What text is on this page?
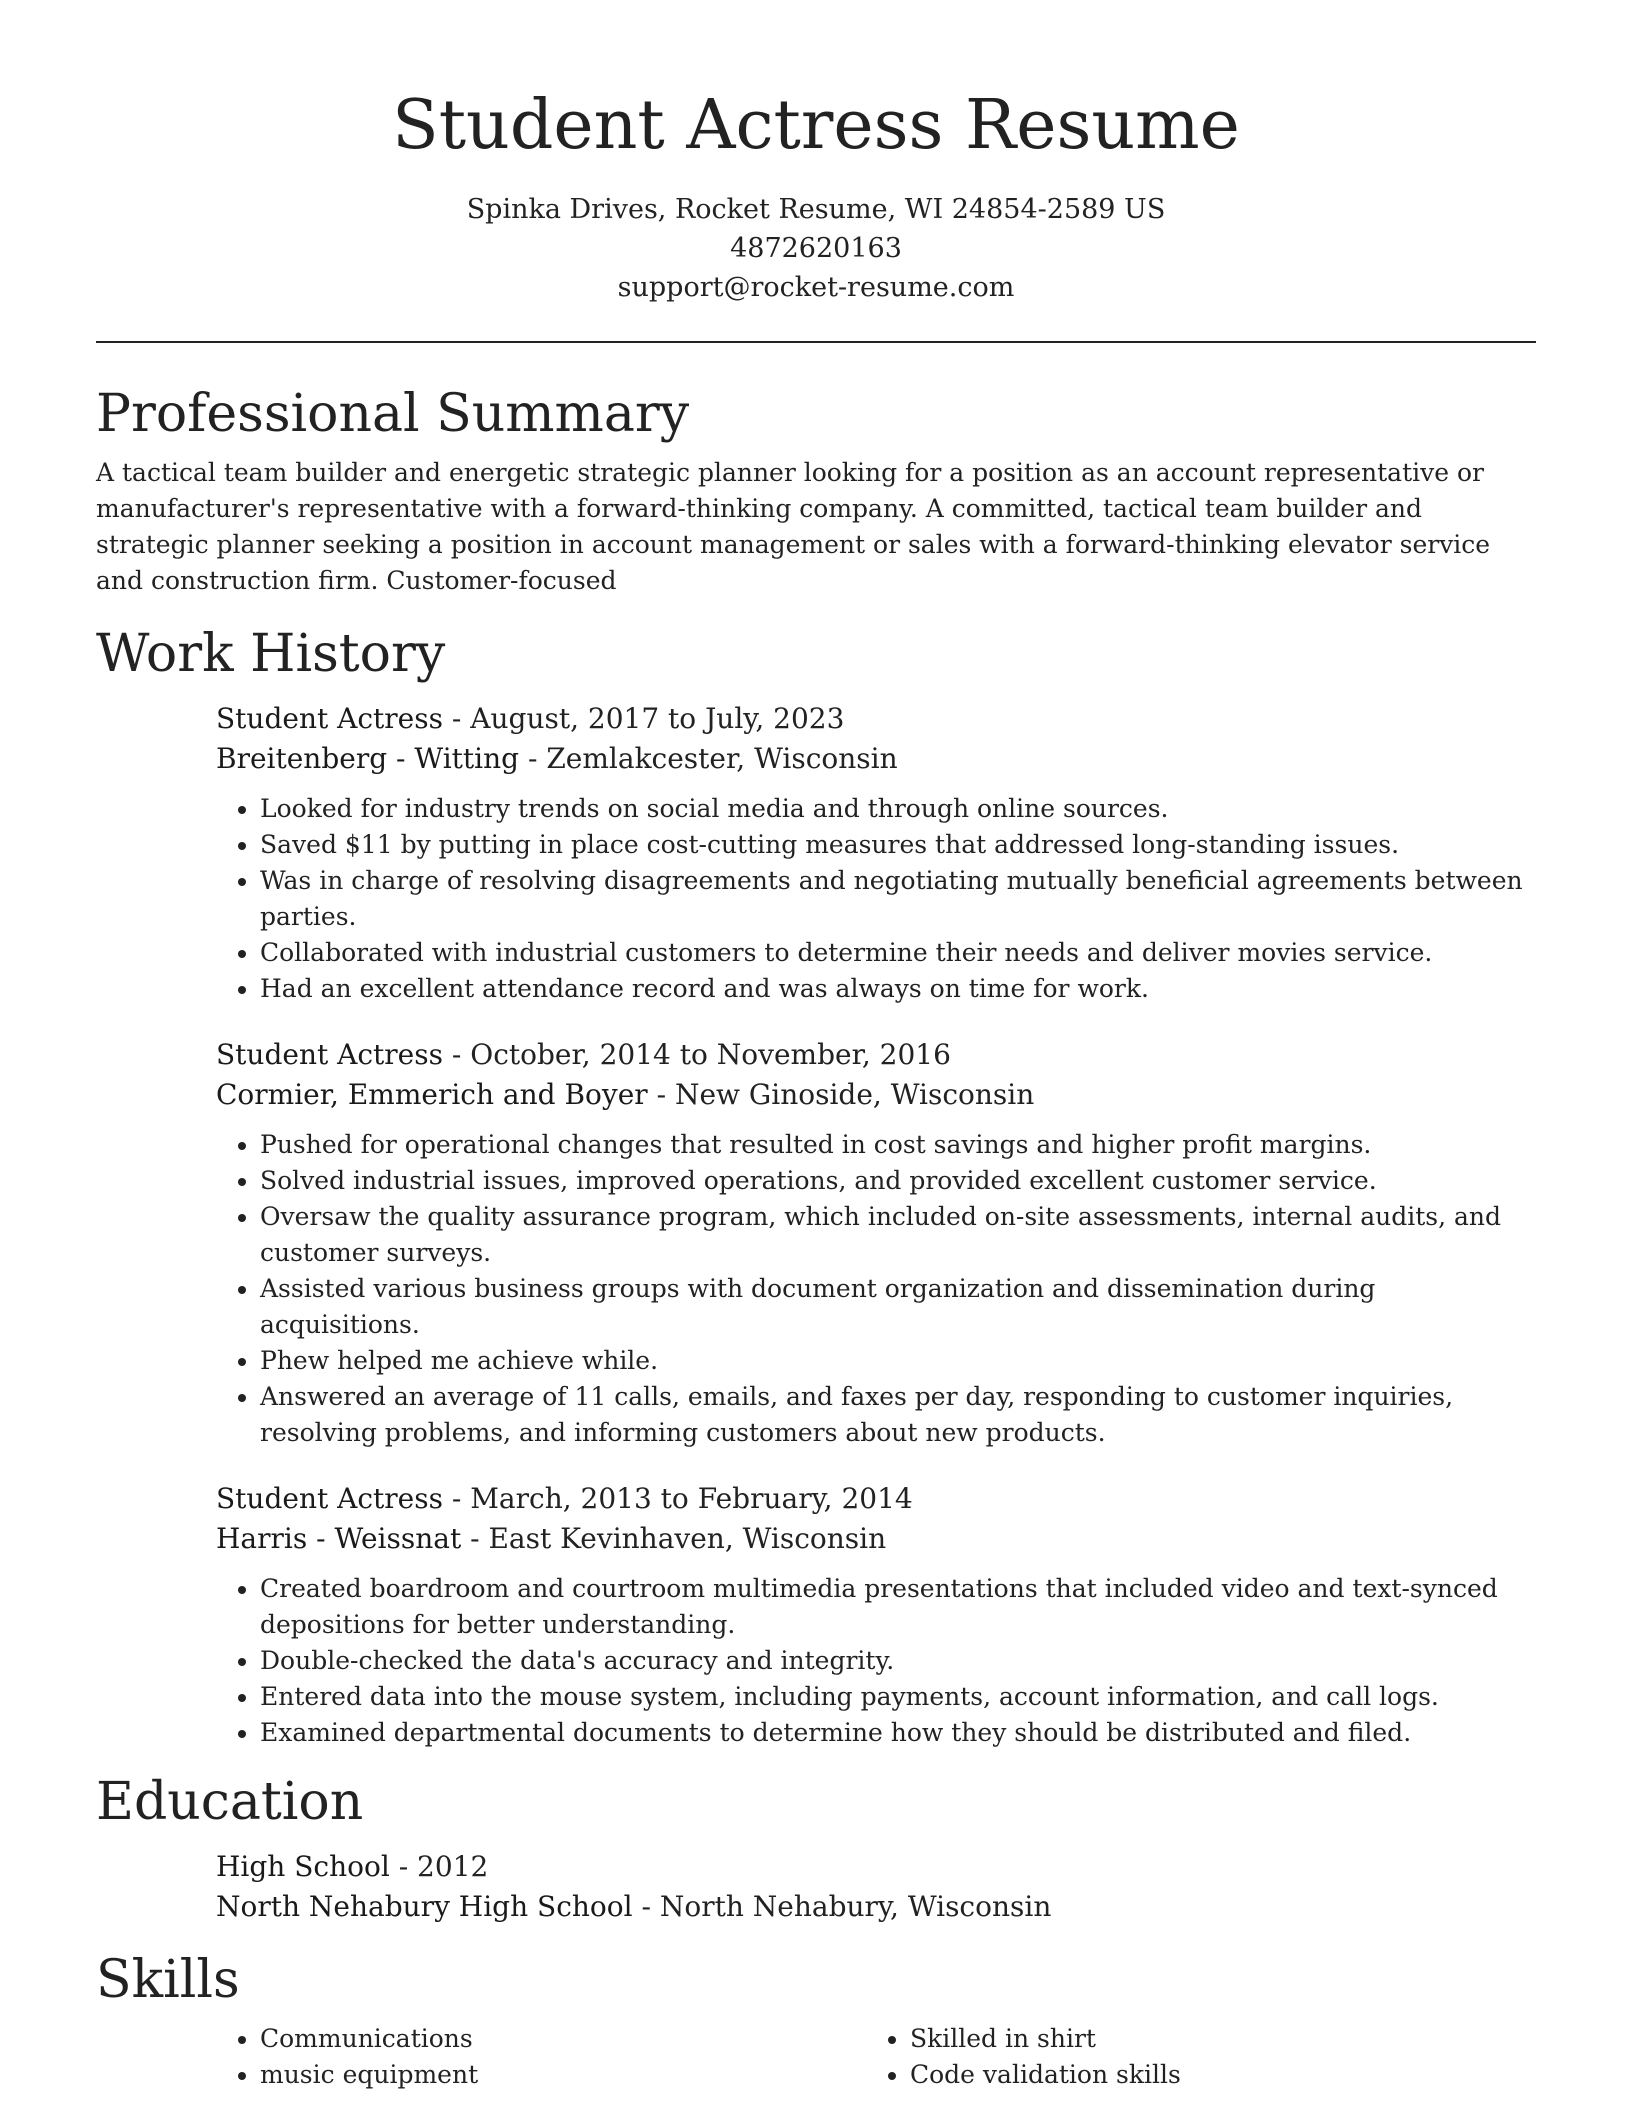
Student Actress Resume
Spinka Drives, Rocket Resume, WI 24854-2589 US
4872620163
support@rocket-resume.com
Professional Summary

A tactical team builder and energetic strategic planner looking for a position as an account representative or manufacturer's representative with a forward-thinking company. A committed, tactical team builder and strategic planner seeking a position in account management or sales with a forward-thinking elevator service and construction firm. Customer-focused

Work History
Student Actress - August, 2017 to July, 2023
Breitenberg - Witting - Zemlakcester, Wisconsin
• Looked for industry trends on social media and through online sources.
• Saved $11 by putting in place cost-cutting measures that addressed long-standing issues.
• Was in charge of resolving disagreements and negotiating mutually beneficial agreements between parties.
• Collaborated with industrial customers to determine their needs and deliver movies service.
• Had an excellent attendance record and was always on time for work.
Student Actress - October, 2014 to November, 2016
Cormier, Emmerich and Boyer - New Ginoside, Wisconsin
• Pushed for operational changes that resulted in cost savings and higher profit margins.
• Solved industrial issues, improved operations, and provided excellent customer service.
• Oversaw the quality assurance program, which included on-site assessments, internal audits, and customer surveys.
• Assisted various business groups with document organization and dissemination during acquisitions.
• Phew helped me achieve while.
• Answered an average of 11 calls, emails, and faxes per day, responding to customer inquiries, resolving problems, and informing customers about new products.
Student Actress - March, 2013 to February, 2014
Harris - Weissnat - East Kevinhaven, Wisconsin
• Created boardroom and courtroom multimedia presentations that included video and text-synced depositions for better understanding.
• Double-checked the data's accuracy and integrity.
• Entered data into the mouse system, including payments, account information, and call logs.
• Examined departmental documents to determine how they should be distributed and filed.
Education
High School - 2012
North Nehabury High School - North Nehabury, Wisconsin
Skills
• Communications
• music equipment
• Skilled in shirt
• Code validation skills
